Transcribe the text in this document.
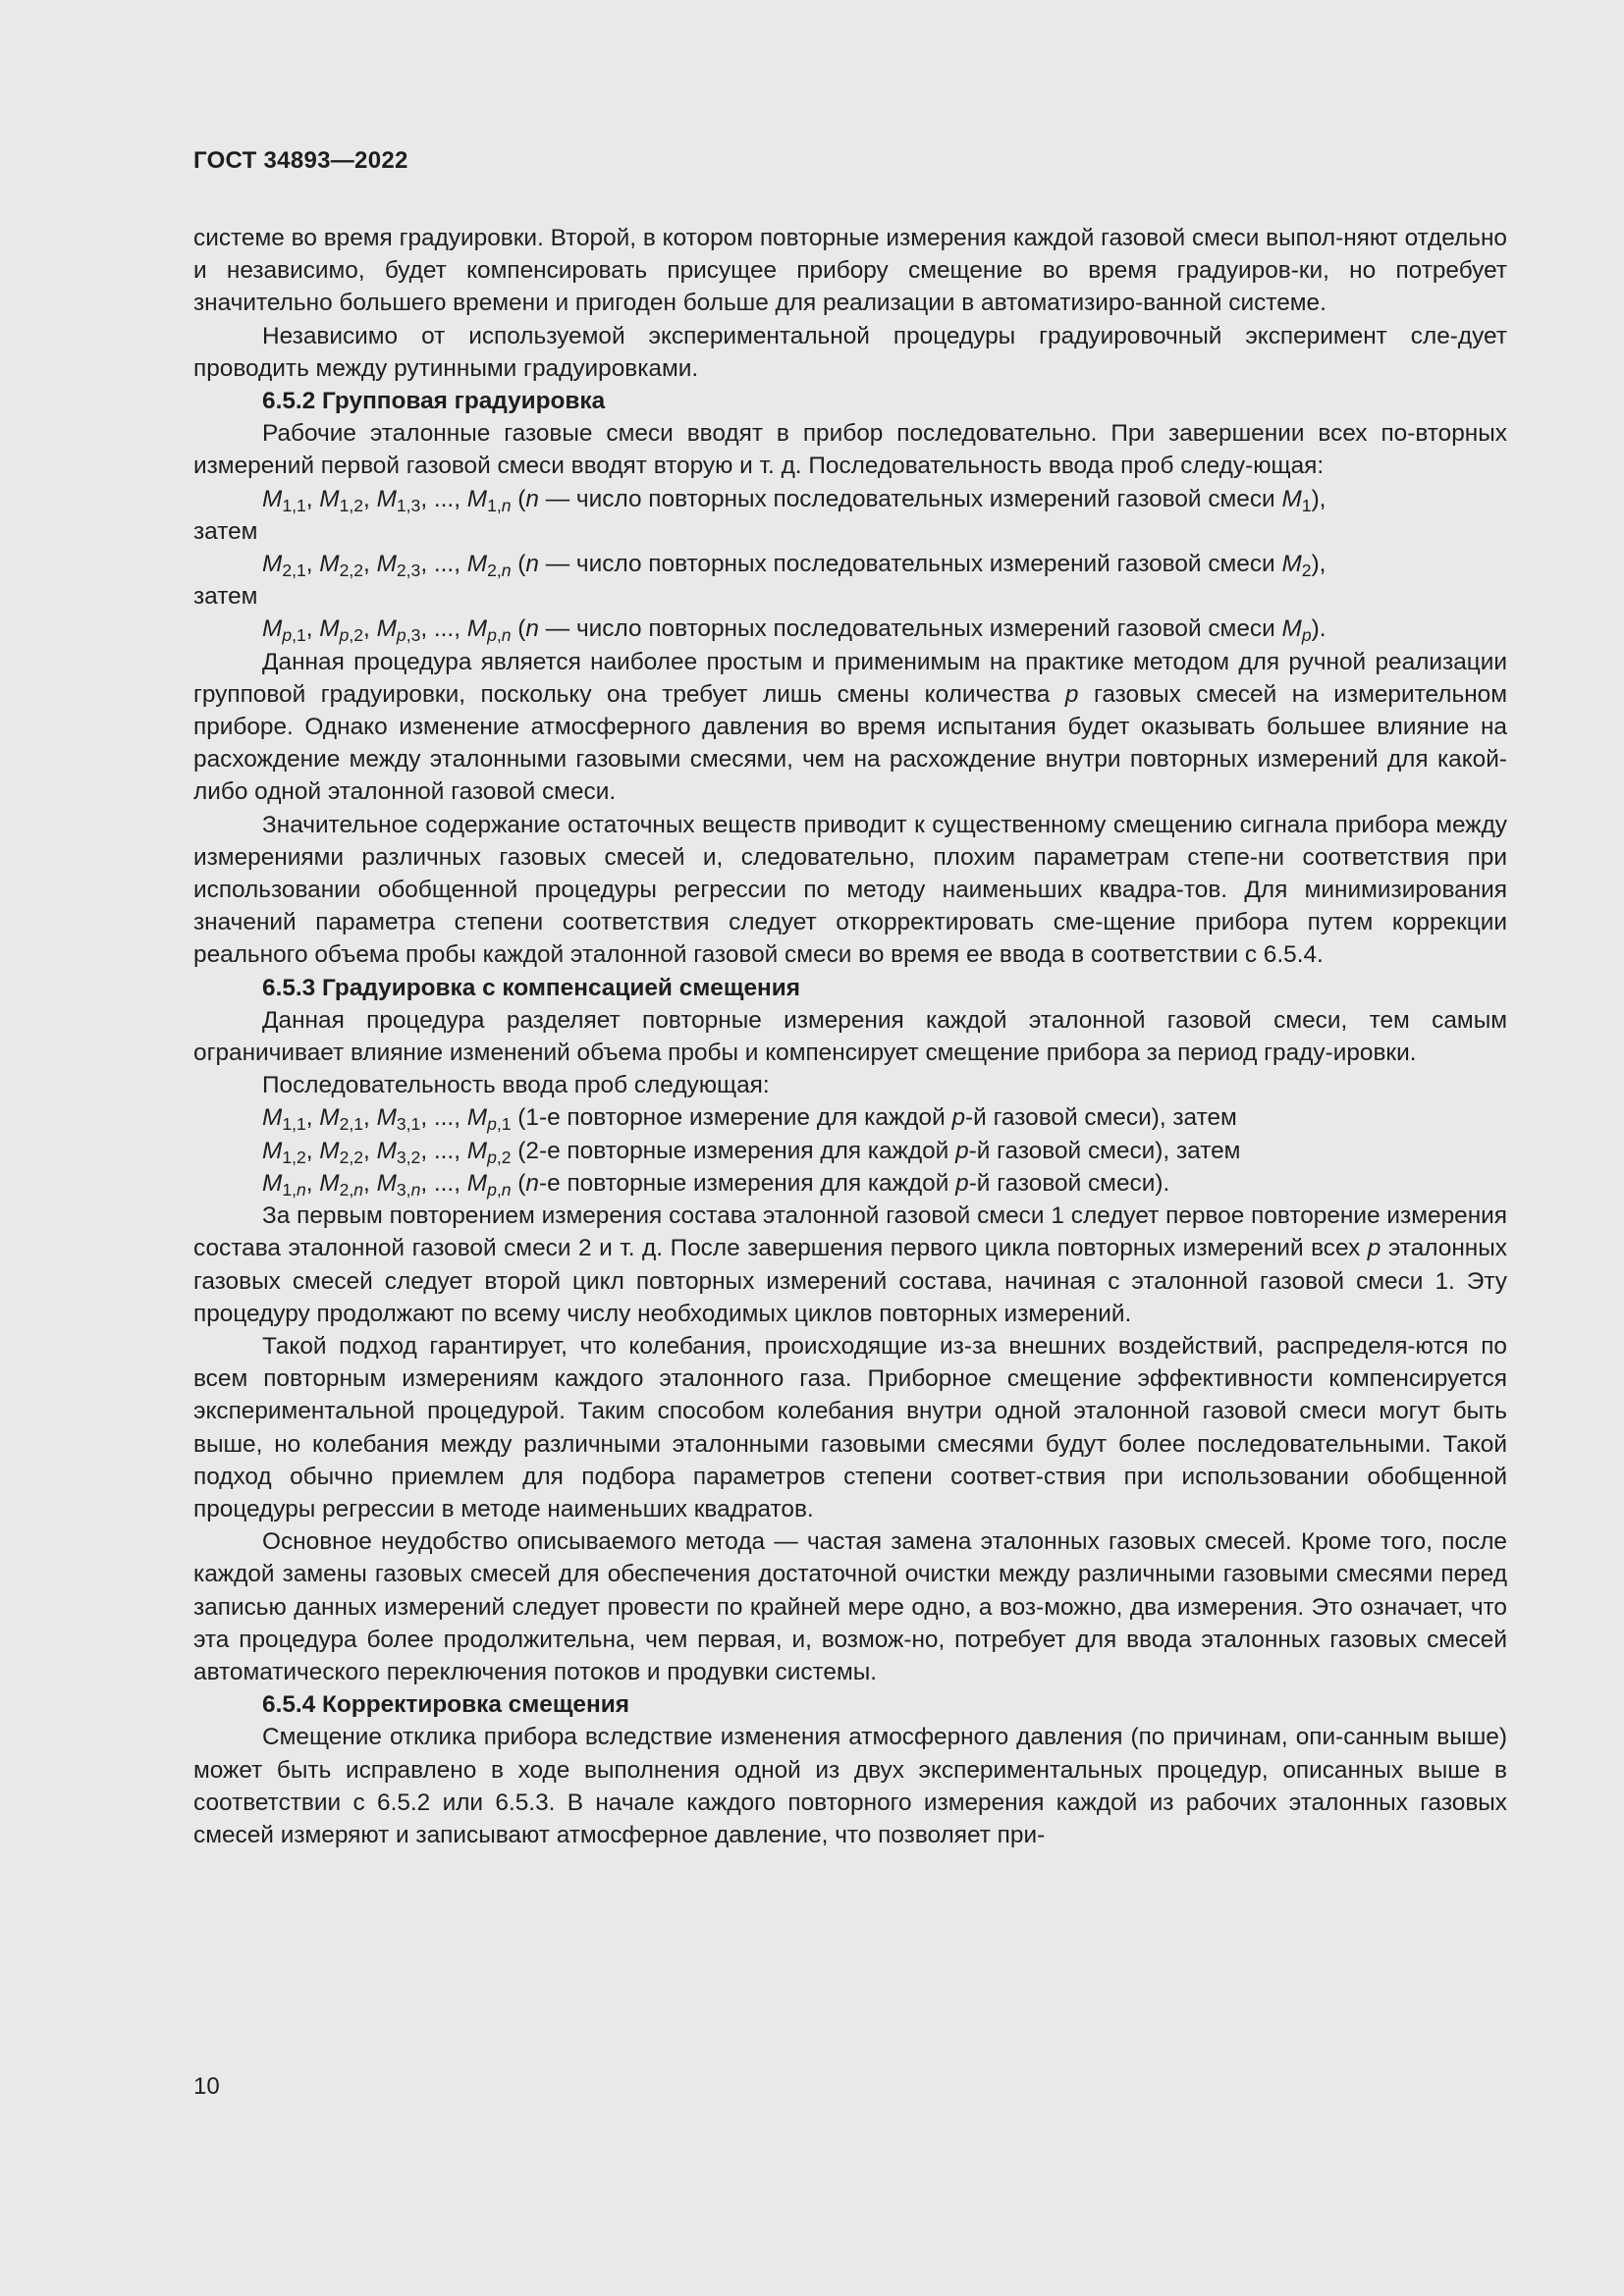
ГОСТ 34893—2022

системе во время градуировки. Второй, в котором повторные измерения каждой газовой смеси выпол-няют отдельно и независимо, будет компенсировать присущее прибору смещение во время градуиров-ки, но потребует значительно большего времени и пригоден больше для реализации в автоматизиро-ванной системе.

Независимо от используемой экспериментальной процедуры градуировочный эксперимент сле-дует проводить между рутинными градуировками.

6.5.2 Групповая градуировка

Рабочие эталонные газовые смеси вводят в прибор последовательно. При завершении всех по-вторных измерений первой газовой смеси вводят вторую и т. д. Последовательность ввода проб следу-ющая:

$M_{1,1}$, $M_{1,2}$, $M_{1,3}$, ..., $M_{1,n}$ (n — число повторных последовательных измерений газовой смеси $M_1$),

затем

$M_{2,1}$, $M_{2,2}$, $M_{2,3}$, ..., $M_{2,n}$ (n — число повторных последовательных измерений газовой смеси $M_2$),

затем

$M_{p,1}$, $M_{p,2}$, $M_{p,3}$, ..., $M_{p,n}$ (n — число повторных последовательных измерений газовой смеси $M_p$).

Данная процедура является наиболее простым и применимым на практике методом для ручной реализации групповой градуировки, поскольку она требует лишь смены количества p газовых смесей на измерительном приборе. Однако изменение атмосферного давления во время испытания будет оказывать большее влияние на расхождение между эталонными газовыми смесями, чем на расхождение внутри повторных измерений для какой-либо одной эталонной газовой смеси.

Значительное содержание остаточных веществ приводит к существенному смещению сигнала прибора между измерениями различных газовых смесей и, следовательно, плохим параметрам степе-ни соответствия при использовании обобщенной процедуры регрессии по методу наименьших квадра-тов. Для минимизирования значений параметра степени соответствия следует откорректировать сме-щение прибора путем коррекции реального объема пробы каждой эталонной газовой смеси во время ее ввода в соответствии с 6.5.4.

6.5.3 Градуировка с компенсацией смещения

Данная процедура разделяет повторные измерения каждой эталонной газовой смеси, тем самым ограничивает влияние изменений объема пробы и компенсирует смещение прибора за период граду-ировки.

Последовательность ввода проб следующая:

$M_{1,1}$, $M_{2,1}$, $M_{3,1}$, ..., $M_{p,1}$ (1-е повторное измерение для каждой p-й газовой смеси), затем

$M_{1,2}$, $M_{2,2}$, $M_{3,2}$, ..., $M_{p,2}$ (2-е повторные измерения для каждой p-й газовой смеси), затем

$M_{1,n}$, $M_{2,n}$, $M_{3,n}$, ..., $M_{p,n}$ (n-е повторные измерения для каждой p-й газовой смеси).

За первым повторением измерения состава эталонной газовой смеси 1 следует первое повторение измерения состава эталонной газовой смеси 2 и т. д. После завершения первого цикла повторных измерений всех p эталонных газовых смесей следует второй цикл повторных измерений состава, начиная с эталонной газовой смеси 1. Эту процедуру продолжают по всему числу необходимых циклов повторных измерений.

Такой подход гарантирует, что колебания, происходящие из-за внешних воздействий, распределя-ются по всем повторным измерениям каждого эталонного газа. Приборное смещение эффективности компенсируется экспериментальной процедурой. Таким способом колебания внутри одной эталонной газовой смеси могут быть выше, но колебания между различными эталонными газовыми смесями будут более последовательными. Такой подход обычно приемлем для подбора параметров степени соответ-ствия при использовании обобщенной процедуры регрессии в методе наименьших квадратов.

Основное неудобство описываемого метода — частая замена эталонных газовых смесей. Кроме того, после каждой замены газовых смесей для обеспечения достаточной очистки между различными газовыми смесями перед записью данных измерений следует провести по крайней мере одно, а воз-можно, два измерения. Это означает, что эта процедура более продолжительна, чем первая, и, возмож-но, потребует для ввода эталонных газовых смесей автоматического переключения потоков и продувки системы.

6.5.4 Корректировка смещения

Смещение отклика прибора вследствие изменения атмосферного давления (по причинам, опи-санным выше) может быть исправлено в ходе выполнения одной из двух экспериментальных процедур, описанных выше в соответствии с 6.5.2 или 6.5.3. В начале каждого повторного измерения каждой из рабочих эталонных газовых смесей измеряют и записывают атмосферное давление, что позволяет при-

10
